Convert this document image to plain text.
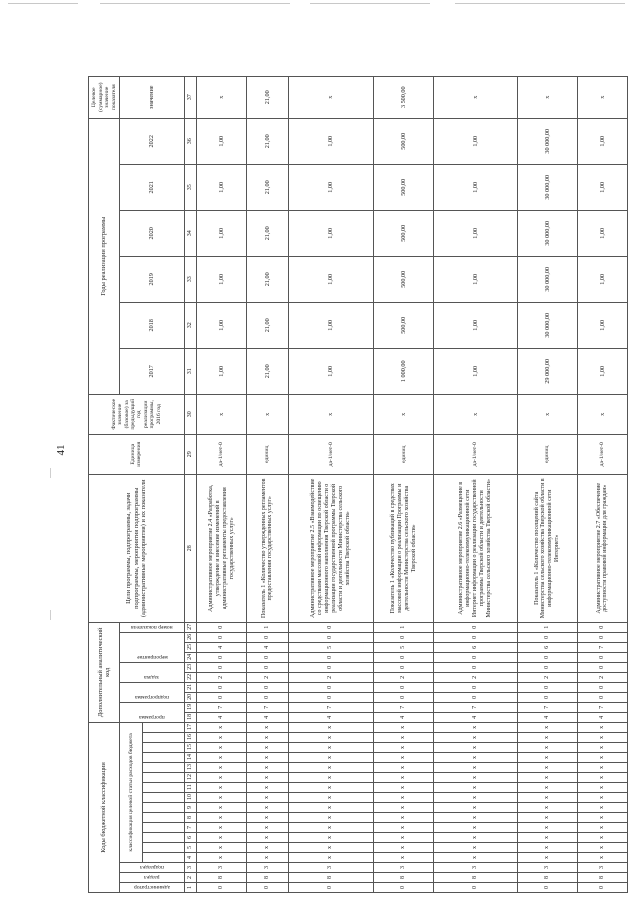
41
Коды бюджетной классификации																	Дополнительный аналитический код										Цели программы, подпрограммы, задачи подпрограммы, мероприятия подпрограммы (административные мероприятия) и их показатели	Единица измерения	Фактическое значение (базовое) за предыдущий год реализации программы, 2016 год	Годы реализации программы						Целевое (суммарное) значение показателя

администратор	раздел	подраздел	классификация целевой статьи расходов бюджета														программа		подпрограмма		задача		мероприятие			номер показателя				2017	2018	2019	2020	2021	2022	значение

1	2	3	4	5	6	7	8	9	10	11	12	13	14	15	16	17	18	19	20	21	22	23	24	25	26	27	28	29	30	31	32	33	34	35	36	37
0	8	3	х	х	х	х	х	х	х	х	х	х	х	х	х	х	4	7	0	0	2	0	0	4	0	0	Административное мероприятие 2.4 «Разработка, утверждение и внесение изменений в административные регламенты предоставления государственных услуг»	да-1/нет-0	х	1,00	1,00	1,00	1,00	1,00	1,00	х
0	8	3	х	х	х	х	х	х	х	х	х	х	х	х	х	х	4	7	0	0	2	0	0	4	0	1	Показатель 1 «Количество утвержденных регламентов предоставления государственных услуг»	единиц	х	21,00	21,00	21,00	21,00	21,00	21,00	21,00
0	8	3	х	х	х	х	х	х	х	х	х	х	х	х	х	х	4	7	0	0	2	0	0	5	0	0	Административное мероприятие 2.5 «Взаимодействие со средствами массовой информации по освещению информационного наполнения Тверской области о реализации государственной программы Тверской области и деятельности Министерства сельского хозяйства Тверской области»	да-1/нет-0	х	1,00	1,00	1,00	1,00	1,00	1,00	х
0	8	3	х	х	х	х	х	х	х	х	х	х	х	х	х	х	4	7	0	0	2	0	0	5	0	1	Показатель 1 «Количество публикаций в средствах массовой информации о реализации Программы и деятельности Министерства сельского хозяйства Тверской области»	единиц	х	1 000,00	500,00	500,00	500,00	500,00	500,00	3 500,00
0	8	3	х	х	х	х	х	х	х	х	х	х	х	х	х	х	4	7	0	0	2	0	0	6	0	0	Административное мероприятие 2.6 «Размещение в информационно-телекоммуникационной сети Интернет информации о реализации государственной программы Тверской области и деятельности Министерства сельского хозяйства Тверской области»	да-1/нет-0	х	1,00	1,00	1,00	1,00	1,00	1,00	х
0	8	3	х	х	х	х	х	х	х	х	х	х	х	х	х	х	4	7	0	0	2	0	0	6	0	1	Показатель 1 «Количество посещений сайта Министерства сельского хозяйства Тверской области в информационно-телекоммуникационной сети Интернет»	единиц	х	29 000,00	30 000,00	30 000,00	30 000,00	30 000,00	30 000,00	х
0	8	3	х	х	х	х	х	х	х	х	х	х	х	х	х	х	4	7	0	0	2	0	0	7	0	0	Административное мероприятие 2.7 «Обеспечение доступности правовой информации для граждан»	да-1/нет-0	х	1,00	1,00	1,00	1,00	1,00	1,00	х
